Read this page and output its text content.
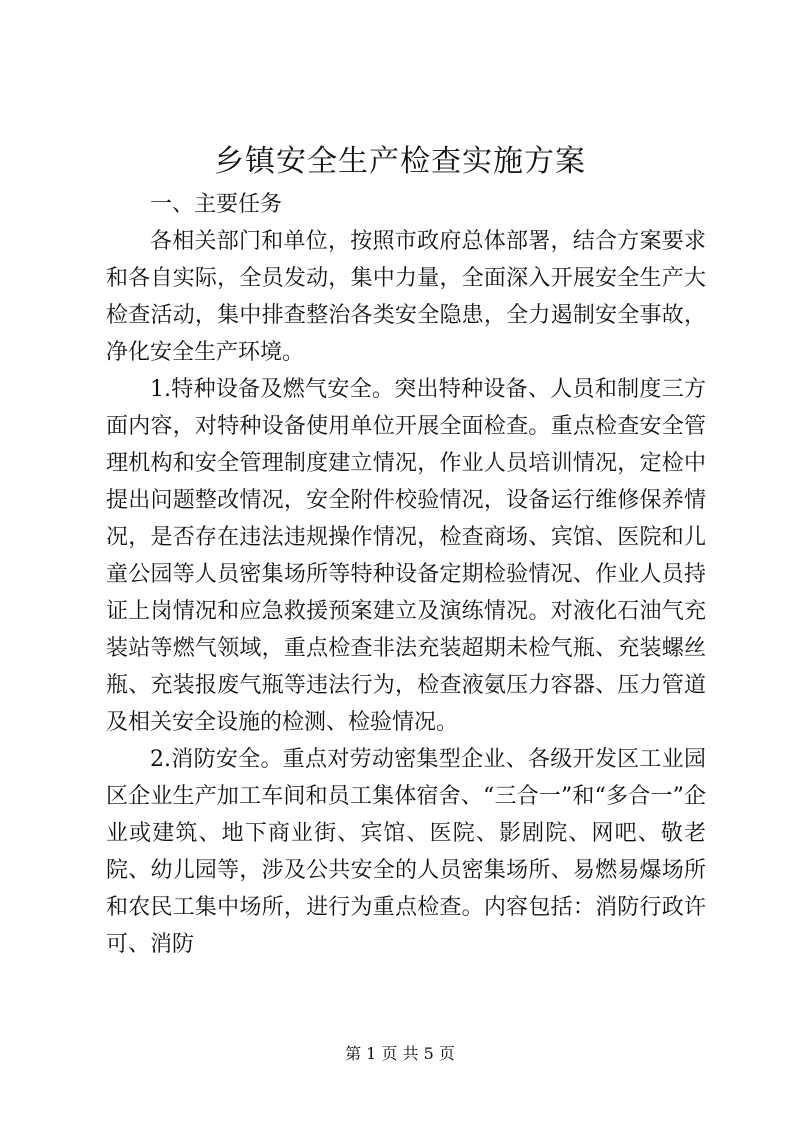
乡镇安全生产检查实施方案

一、主要任务

各相关部门和单位，按照市政府总体部署，结合方案要求和各自实际，全员发动，集中力量，全面深入开展安全生产大检查活动，集中排查整治各类安全隐患，全力遏制安全事故，净化安全生产环境。

1.特种设备及燃气安全。突出特种设备、人员和制度三方面内容，对特种设备使用单位开展全面检查。重点检查安全管理机构和安全管理制度建立情况，作业人员培训情况，定检中提出问题整改情况，安全附件校验情况，设备运行维修保养情况，是否存在违法违规操作情况，检查商场、宾馆、医院和儿童公园等人员密集场所等特种设备定期检验情况、作业人员持证上岗情况和应急救援预案建立及演练情况。对液化石油气充装站等燃气领域，重点检查非法充装超期未检气瓶、充装螺丝瓶、充装报废气瓶等违法行为，检查液氨压力容器、压力管道及相关安全设施的检测、检验情况。

2.消防安全。重点对劳动密集型企业、各级开发区工业园区企业生产加工车间和员工集体宿舍、“三合一”和“多合一”企业或建筑、地下商业街、宾馆、医院、影剧院、网吧、敬老院、幼儿园等，涉及公共安全的人员密集场所、易燃易爆场所和农民工集中场所，进行为重点检查。内容包括：消防行政许可、消防

第 1 页 共 5 页
